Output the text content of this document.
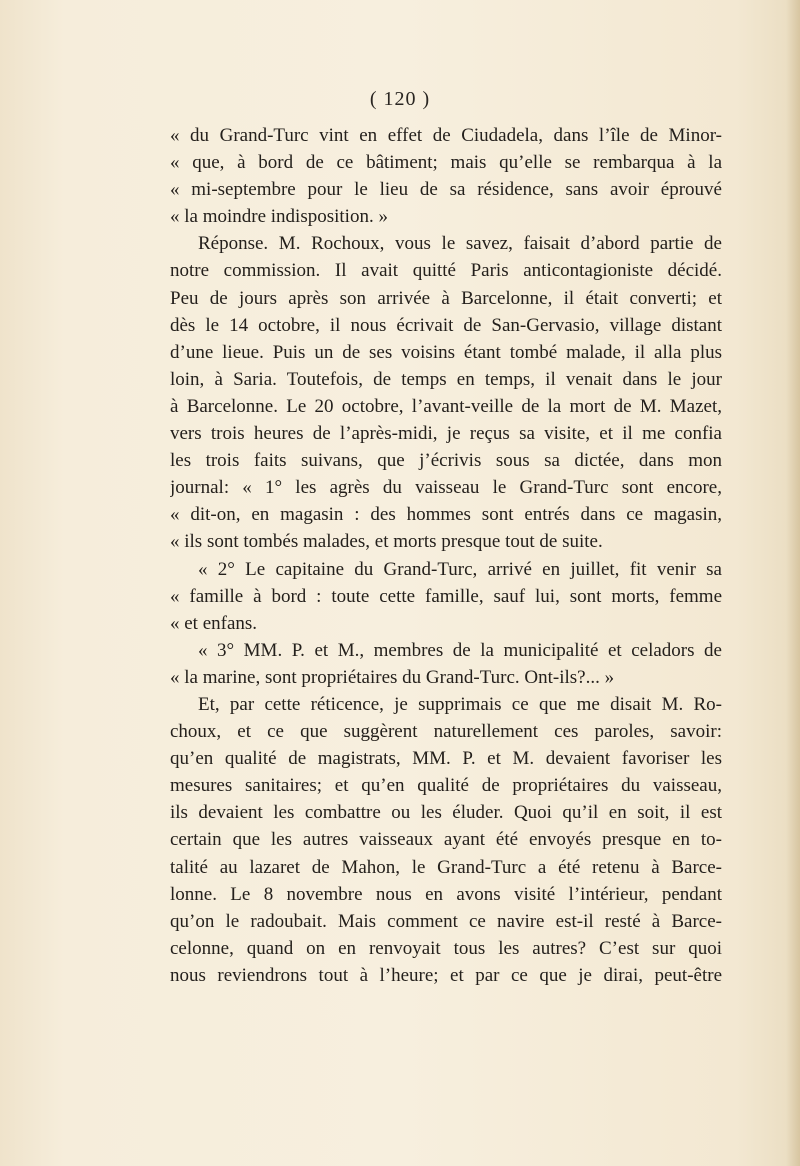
( 120 )
« du Grand-Turc vint en effet de Ciudadela, dans l’île de Minor-
« que, à bord de ce bâtiment; mais qu’elle se rembarqua à la
« mi-septembre pour le lieu de sa résidence, sans avoir éprouvé
« la moindre indisposition. »
Réponse. M. Rochoux, vous le savez, faisait d’abord partie de
notre commission. Il avait quitté Paris anticontagioniste décidé.
Peu de jours après son arrivée à Barcelonne, il était converti; et
dès le 14 octobre, il nous écrivait de San-Gervasio, village distant
d’une lieue. Puis un de ses voisins étant tombé malade, il alla plus
loin, à Saria. Toutefois, de temps en temps, il venait dans le jour
à Barcelonne. Le 20 octobre, l’avant-veille de la mort de M. Mazet,
vers trois heures de l’après-midi, je reçus sa visite, et il me confia
les trois faits suivans, que j’écrivis sous sa dictée, dans mon
journal: « 1° les agrès du vaisseau le Grand-Turc sont encore,
« dit-on, en magasin : des hommes sont entrés dans ce magasin,
« ils sont tombés malades, et morts presque tout de suite.
« 2° Le capitaine du Grand-Turc, arrivé en juillet, fit venir sa
« famille à bord : toute cette famille, sauf lui, sont morts, femme
« et enfans.
« 3° MM. P. et M., membres de la municipalité et celadors de
« la marine, sont propriétaires du Grand-Turc. Ont-ils?... »
Et, par cette réticence, je supprimais ce que me disait M. Ro-
choux, et ce que suggèrent naturellement ces paroles, savoir:
qu’en qualité de magistrats, MM. P. et M. devaient favoriser les
mesures sanitaires; et qu’en qualité de propriétaires du vaisseau,
ils devaient les combattre ou les éluder. Quoi qu’il en soit, il est
certain que les autres vaisseaux ayant été envoyés presque en to-
talité au lazaret de Mahon, le Grand-Turc a été retenu à Barce-
lonne. Le 8 novembre nous en avons visité l’intérieur, pendant
qu’on le radoubait. Mais comment ce navire est-il resté à Barce-
celonne, quand on en renvoyait tous les autres? C’est sur quoi
nous reviendrons tout à l’heure; et par ce que je dirai, peut-être
